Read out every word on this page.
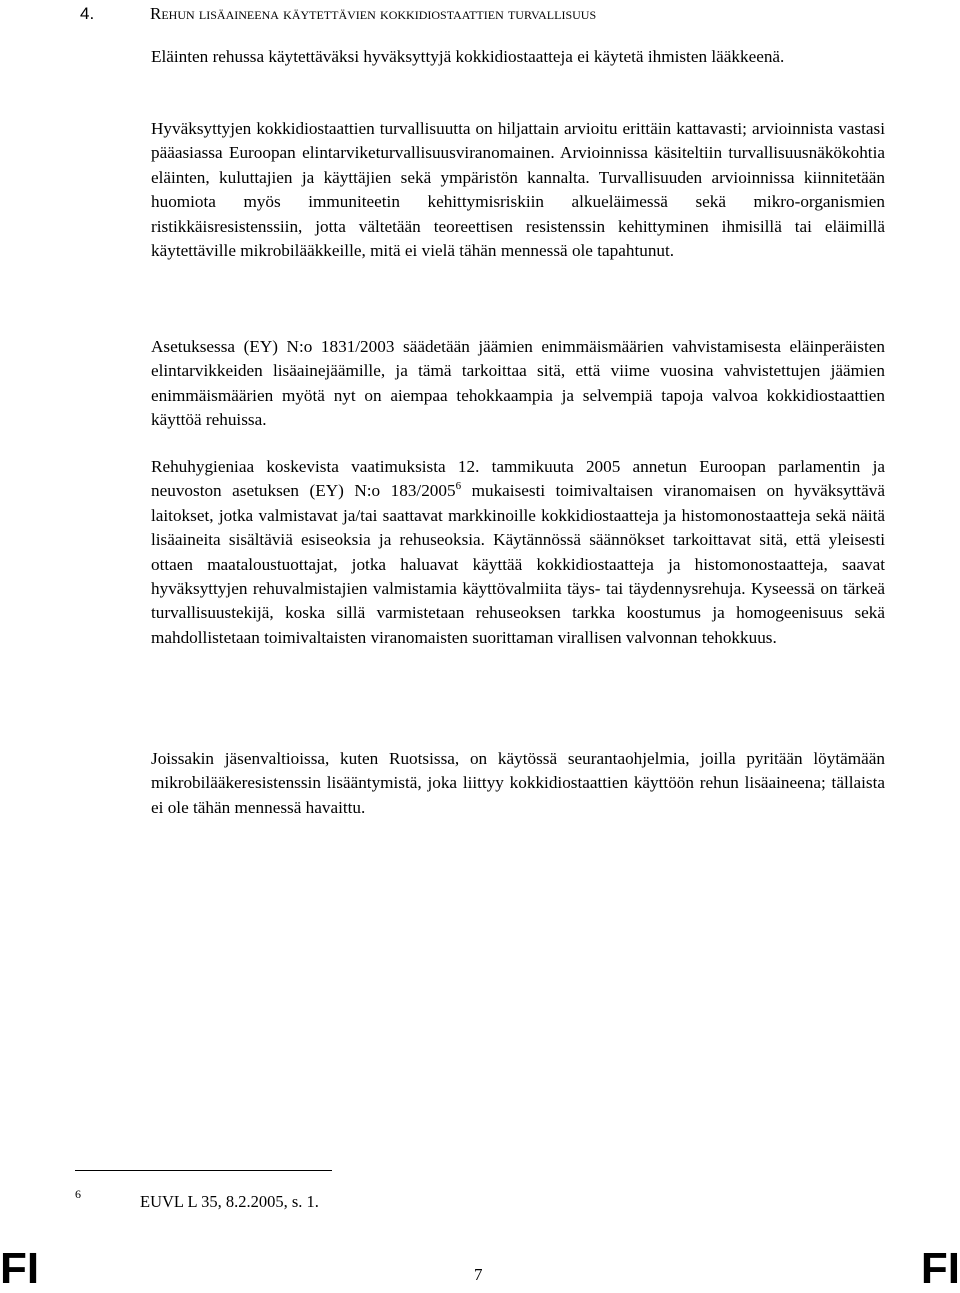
4.	Rehun lisäaineena käytettävien kokkidiostaattien turvallisuus
Eläinten rehussa käytettäväksi hyväksyttyjä kokkidiostaatteja ei käytetä ihmisten lääkkeenä.
Hyväksyttyjen kokkidiostaattien turvallisuutta on hiljattain arvioitu erittäin kattavasti; arvioinnista vastasi pääasiassa Euroopan elintarviketurvallisuusviranomainen. Arvioinnissa käsiteltiin turvallisuusnäkökohtia eläinten, kuluttajien ja käyttäjien sekä ympäristön kannalta. Turvallisuuden arvioinnissa kiinnitetään huomiota myös immuniteetin kehittymisriskiin alkueläimessä sekä mikro-organismien ristikkäisresistenssiin, jotta vältetään teoreettisen resistenssin kehittyminen ihmisillä tai eläimillä käytettäville mikrobilääkkeille, mitä ei vielä tähän mennessä ole tapahtunut.
Asetuksessa (EY) N:o 1831/2003 säädetään jäämien enimmäismäärien vahvistamisesta eläinperäisten elintarvikkeiden lisäainejäämille, ja tämä tarkoittaa sitä, että viime vuosina vahvistettujen jäämien enimmäismäärien myötä nyt on aiempaa tehokkaampia ja selvempiä tapoja valvoa kokkidiostaattien käyttöä rehuissa.
Rehuhygieniaa koskevista vaatimuksista 12. tammikuuta 2005 annetun Euroopan parlamentin ja neuvoston asetuksen (EY) N:o 183/2005$^6$ mukaisesti toimivaltaisen viranomaisen on hyväksyttävä laitokset, jotka valmistavat ja/tai saattavat markkinoille kokkidiostaatteja ja histomonostaatteja sekä näitä lisäaineita sisältäviä esiseoksia ja rehuseoksia. Käytännössä säännökset tarkoittavat sitä, että yleisesti ottaen maataloustuottajat, jotka haluavat käyttää kokkidiostaatteja ja histomonostaatteja, saavat hyväksyttyjen rehuvalmistajien valmistamia käyttövalmiita täys- tai täydennysrehuja. Kyseessä on tärkeä turvallisuustekijä, koska sillä varmistetaan rehuseoksen tarkka koostumus ja homogeenisuus sekä mahdollistetaan toimivaltaisten viranomaisten suorittaman virallisen valvonnan tehokkuus.
Joissakin jäsenvaltioissa, kuten Ruotsissa, on käytössä seurantaohjelmia, joilla pyritään löytämään mikrobilääkeresistenssin lisääntymistä, joka liittyy kokkidiostaattien käyttöön rehun lisäaineena; tällaista ei ole tähän mennessä havaittu.
6	EUVL L 35, 8.2.2005, s. 1.
FI	7	FI
